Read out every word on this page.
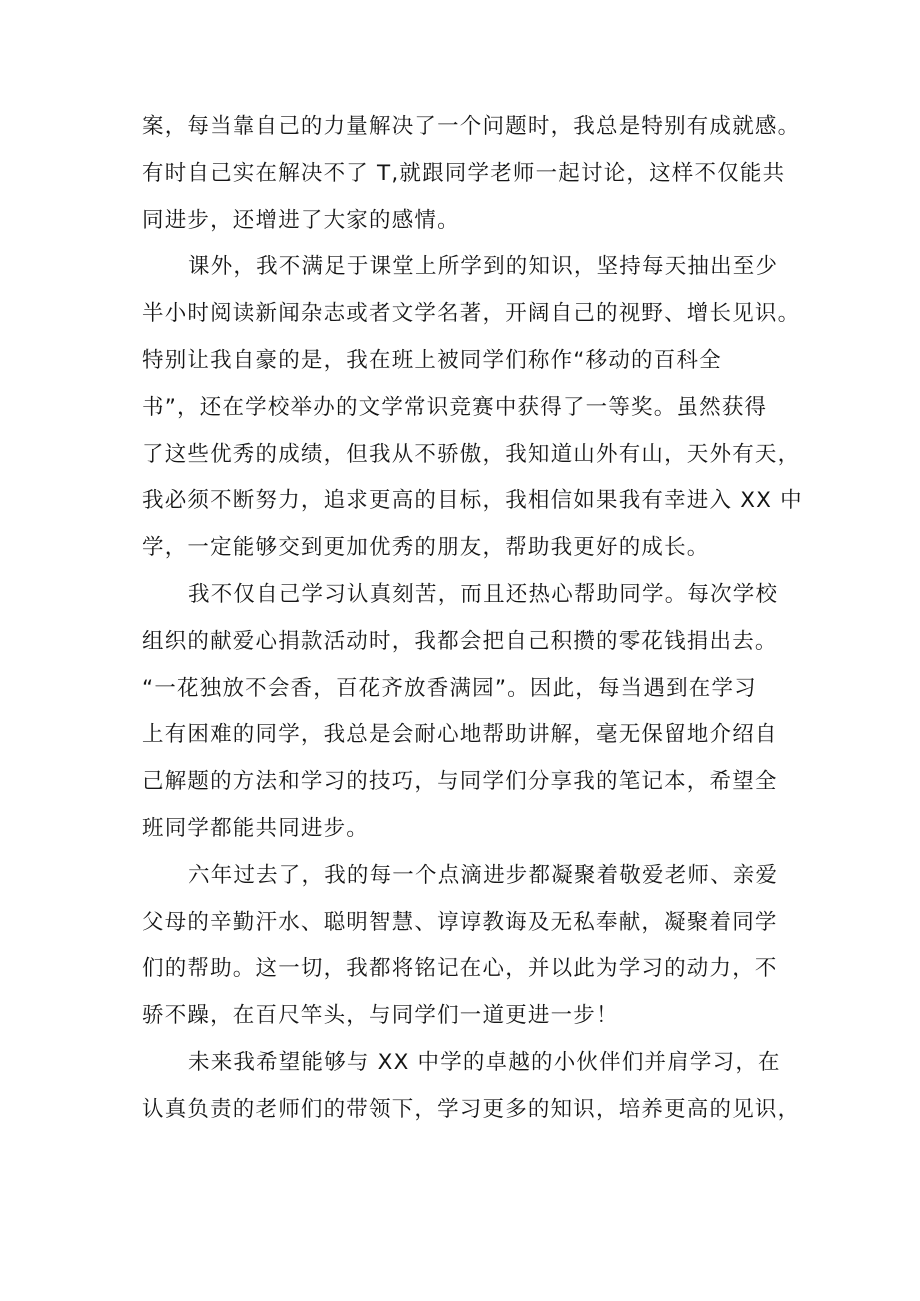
案，每当靠自己的力量解决了一个问题时，我总是特别有成就感。
有时自己实在解决不了 T,就跟同学老师一起讨论，这样不仅能共
同进步，还增进了大家的感情。
课外，我不满足于课堂上所学到的知识，坚持每天抽出至少
半小时阅读新闻杂志或者文学名著，开阔自己的视野、增长见识。
特别让我自豪的是，我在班上被同学们称作“移动的百科全
书”，还在学校举办的文学常识竞赛中获得了一等奖。虽然获得
了这些优秀的成绩，但我从不骄傲，我知道山外有山，天外有天，
我必须不断努力，追求更高的目标，我相信如果我有幸进入 XX 中
学，一定能够交到更加优秀的朋友，帮助我更好的成长。
我不仅自己学习认真刻苦，而且还热心帮助同学。每次学校
组织的献爱心捐款活动时，我都会把自己积攒的零花钱捐出去。
“一花独放不会香，百花齐放香满园”。因此，每当遇到在学习
上有困难的同学，我总是会耐心地帮助讲解，毫无保留地介绍自
己解题的方法和学习的技巧，与同学们分享我的笔记本，希望全
班同学都能共同进步。
六年过去了，我的每一个点滴进步都凝聚着敬爱老师、亲爱
父母的辛勤汗水、聪明智慧、谆谆教诲及无私奉献，凝聚着同学
们的帮助。这一切，我都将铭记在心，并以此为学习的动力，不
骄不躁，在百尺竿头，与同学们一道更进一步！
未来我希望能够与 XX 中学的卓越的小伙伴们并肩学习，在
认真负责的老师们的带领下，学习更多的知识，培养更高的见识，
